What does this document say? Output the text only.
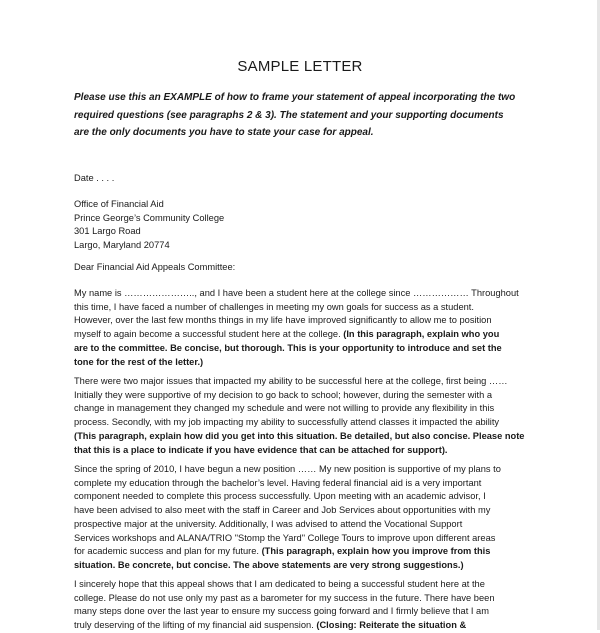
SAMPLE LETTER
Please use this an EXAMPLE of how to frame your statement of appeal incorporating the two
required questions (see paragraphs 2 & 3). The statement and your supporting documents
are the only documents you have to state your case for appeal.
Date . . . .
Office of Financial Aid
Prince George’s Community College
301 Largo Road
Largo, Maryland 20774
Dear Financial Aid Appeals Committee:
My name is ………………….., and I have been a student here at the college since ……………… Throughout
this time, I have faced a number of challenges in meeting my own goals for success as a student.
However, over the last few months things in my life have improved significantly to allow me to position
myself to again become a successful student here at the college. (In this paragraph, explain who you
are to the committee. Be concise, but thorough. This is your opportunity to introduce and set the
tone for the rest of the letter.)
There were two major issues that impacted my ability to be successful here at the college, first being ……
Initially they were supportive of my decision to go back to school; however, during the semester with a
change in management they changed my schedule and were not willing to provide any flexibility in this
process. Secondly, with my job impacting my ability to successfully attend classes it impacted the ability
(This paragraph, explain how did you get into this situation. Be detailed, but also concise. Please note
that this is a place to indicate if you have evidence that can be attached for support).
Since the spring of 2010, I have begun a new position …… My new position is supportive of my plans to
complete my education through the bachelor’s level. Having federal financial aid is a very important
component needed to complete this process successfully. Upon meeting with an academic advisor, I
have been advised to also meet with the staff in Career and Job Services about opportunities with my
prospective major at the university. Additionally, I was advised to attend the Vocational Support
Services workshops and ALANA/TRIO "Stomp the Yard" College Tours to improve upon different areas
for academic success and plan for my future. (This paragraph, explain how you improve from this
situation. Be concrete, but concise. The above statements are very strong suggestions.)
I sincerely hope that this appeal shows that I am dedicated to being a successful student here at the
college. Please do not use only my past as a barometer for my success in the future. There have been
many steps done over the last year to ensure my success going forward and I firmly believe that I am
truly deserving of the lifting of my financial aid suspension. (Closing: Reiterate the situation &
